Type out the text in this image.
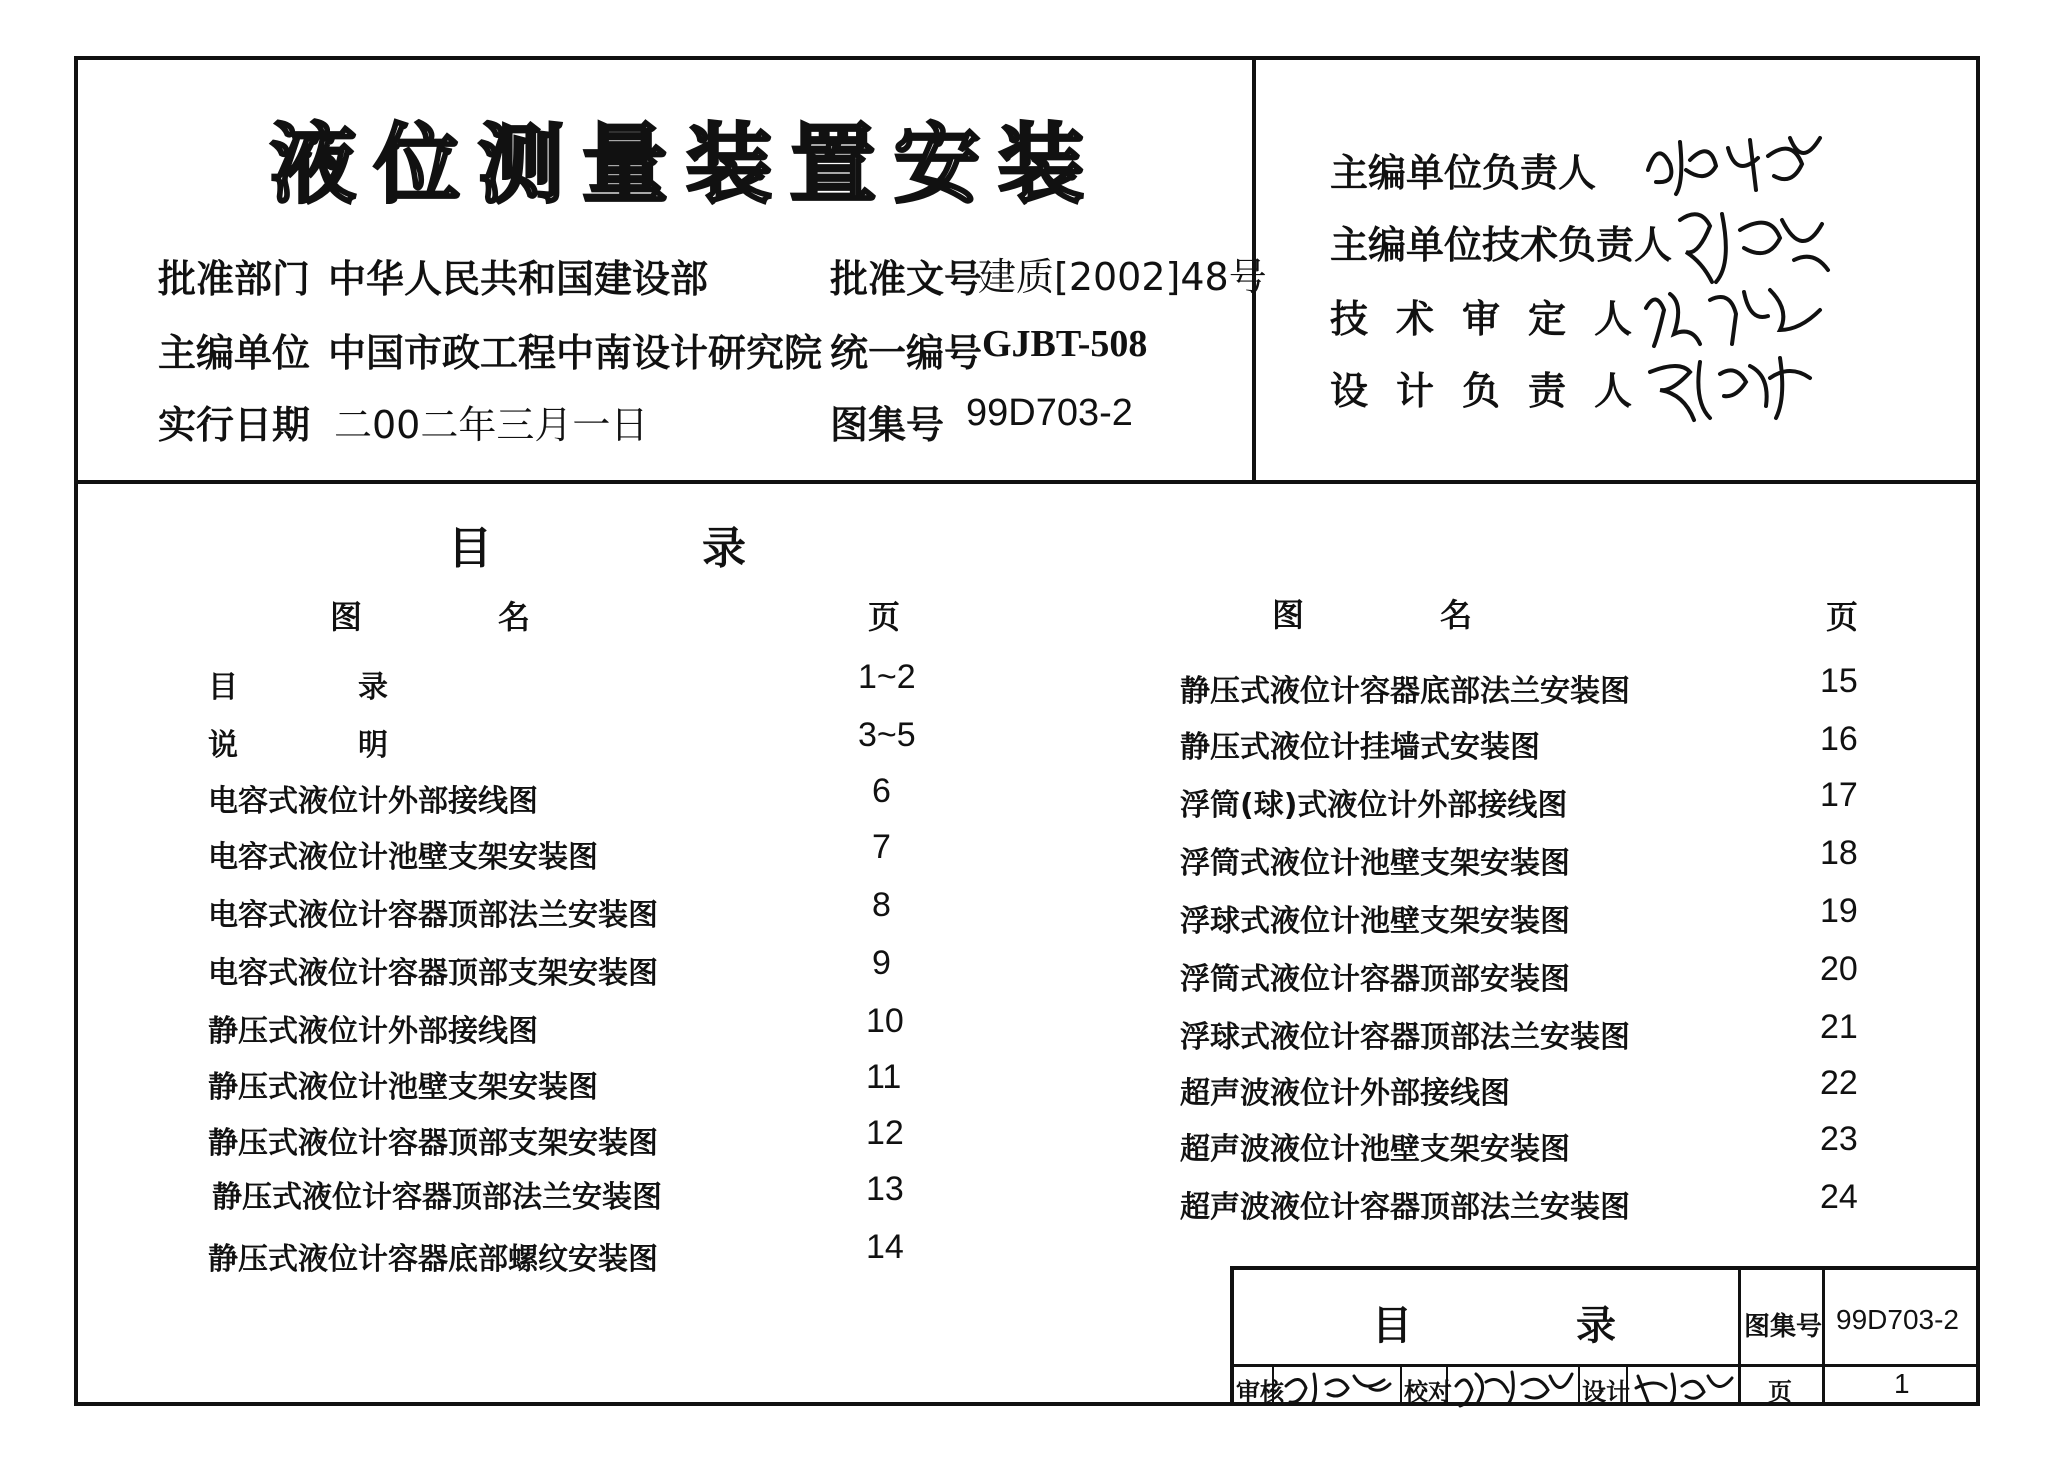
液位测量装置安装
批准部门 中华人民共和国建设部
主编单位 中国市政工程中南设计研究院
实行日期 二00二年三月一日
批准文号
建质[2002]48号
统一编号 GJBT-508
图集号 99D703-2
主编单位负责人
主编单位技术负责人
技术审定人
设计负责人
目	录
图	名	页	图	名	页
目　　　　录	1~2
说　　　　明	3~5
电容式液位计外部接线图	6
电容式液位计池壁支架安装图	7
电容式液位计容器顶部法兰安装图	8
电容式液位计容器顶部支架安装图	9
静压式液位计外部接线图	10
静压式液位计池壁支架安装图	11
静压式液位计容器顶部支架安装图	12
静压式液位计容器顶部法兰安装图	13
静压式液位计容器底部螺纹安装图	14
静压式液位计容器底部法兰安装图	15
静压式液位计挂墙式安装图	16
浮筒(球)式液位计外部接线图	17
浮筒式液位计池壁支架安装图	18
浮球式液位计池壁支架安装图	19
浮筒式液位计容器顶部安装图	20
浮球式液位计容器顶部法兰安装图	21
超声波液位计外部接线图	22
超声波液位计池壁支架安装图	23
超声波液位计容器顶部法兰安装图	24
目	录	图集号 99D703-2
审核	校对	设计	页	1
